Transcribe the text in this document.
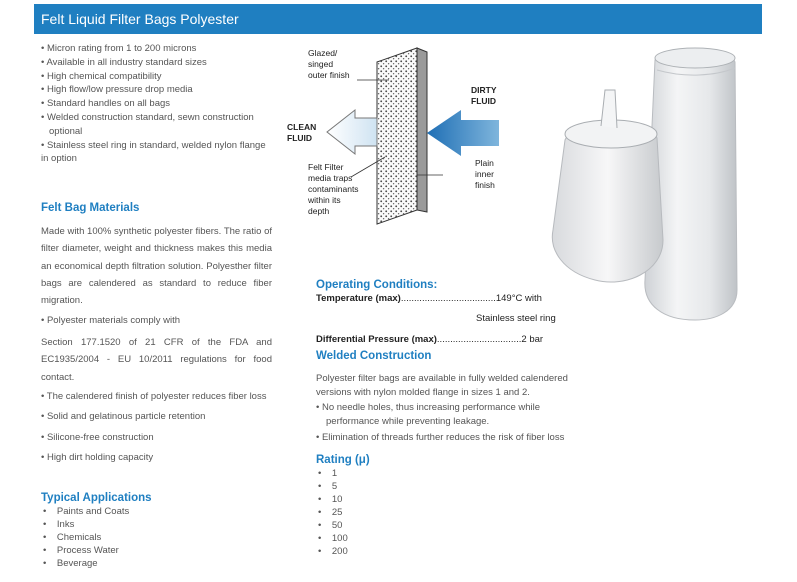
Felt Liquid Filter Bags Polyester
• Micron rating from 1 to 200 microns
• Available in all industry standard sizes
• High chemical compatibility
• High flow/low pressure drop media
• Standard handles on all bags
• Welded construction standard, sewn construction
optional
• Stainless steel ring in standard, welded nylon flange
in option
Felt Bag Materials
Made with 100% synthetic polyester fibers. The ratio of filter diameter, weight and thickness makes this media an economical depth filtration solution. Polyesther filter bags are calendered as standard to reduce fiber migration.
• Polyester materials comply with
Section 177.1520 of 21 CFR of the FDA and EC1935/2004 - EU 10/2011 regulations for food contact.
• The calendered finish of polyester reduces fiber loss
• Solid and gelatinous particle retention
• Silicone-free construction
• High dirt holding capacity
Typical Applications
•    Paints and Coats
•    Inks
•    Chemicals
•    Process Water
•    Beverage
Glazed/
singed
outer finish
DIRTY
FLUID
CLEAN
FLUID
Felt Filter
media traps
contaminants
within its
depth
Plain
inner
finish
Operating Conditions:
Temperature (max)....................................149°C with
Stainless steel ring
Differential Pressure (max)................................2 bar
Welded Construction
Polyester filter bags are available in fully welded calendered versions with nylon molded flange in sizes 1 and 2.
• No needle holes, thus increasing performance while
performance while preventing leakage.
• Elimination of threads further reduces the risk of fiber loss
Rating (μ)
•    1
•    5
•    10
•    25
•    50
•    100
•    200
